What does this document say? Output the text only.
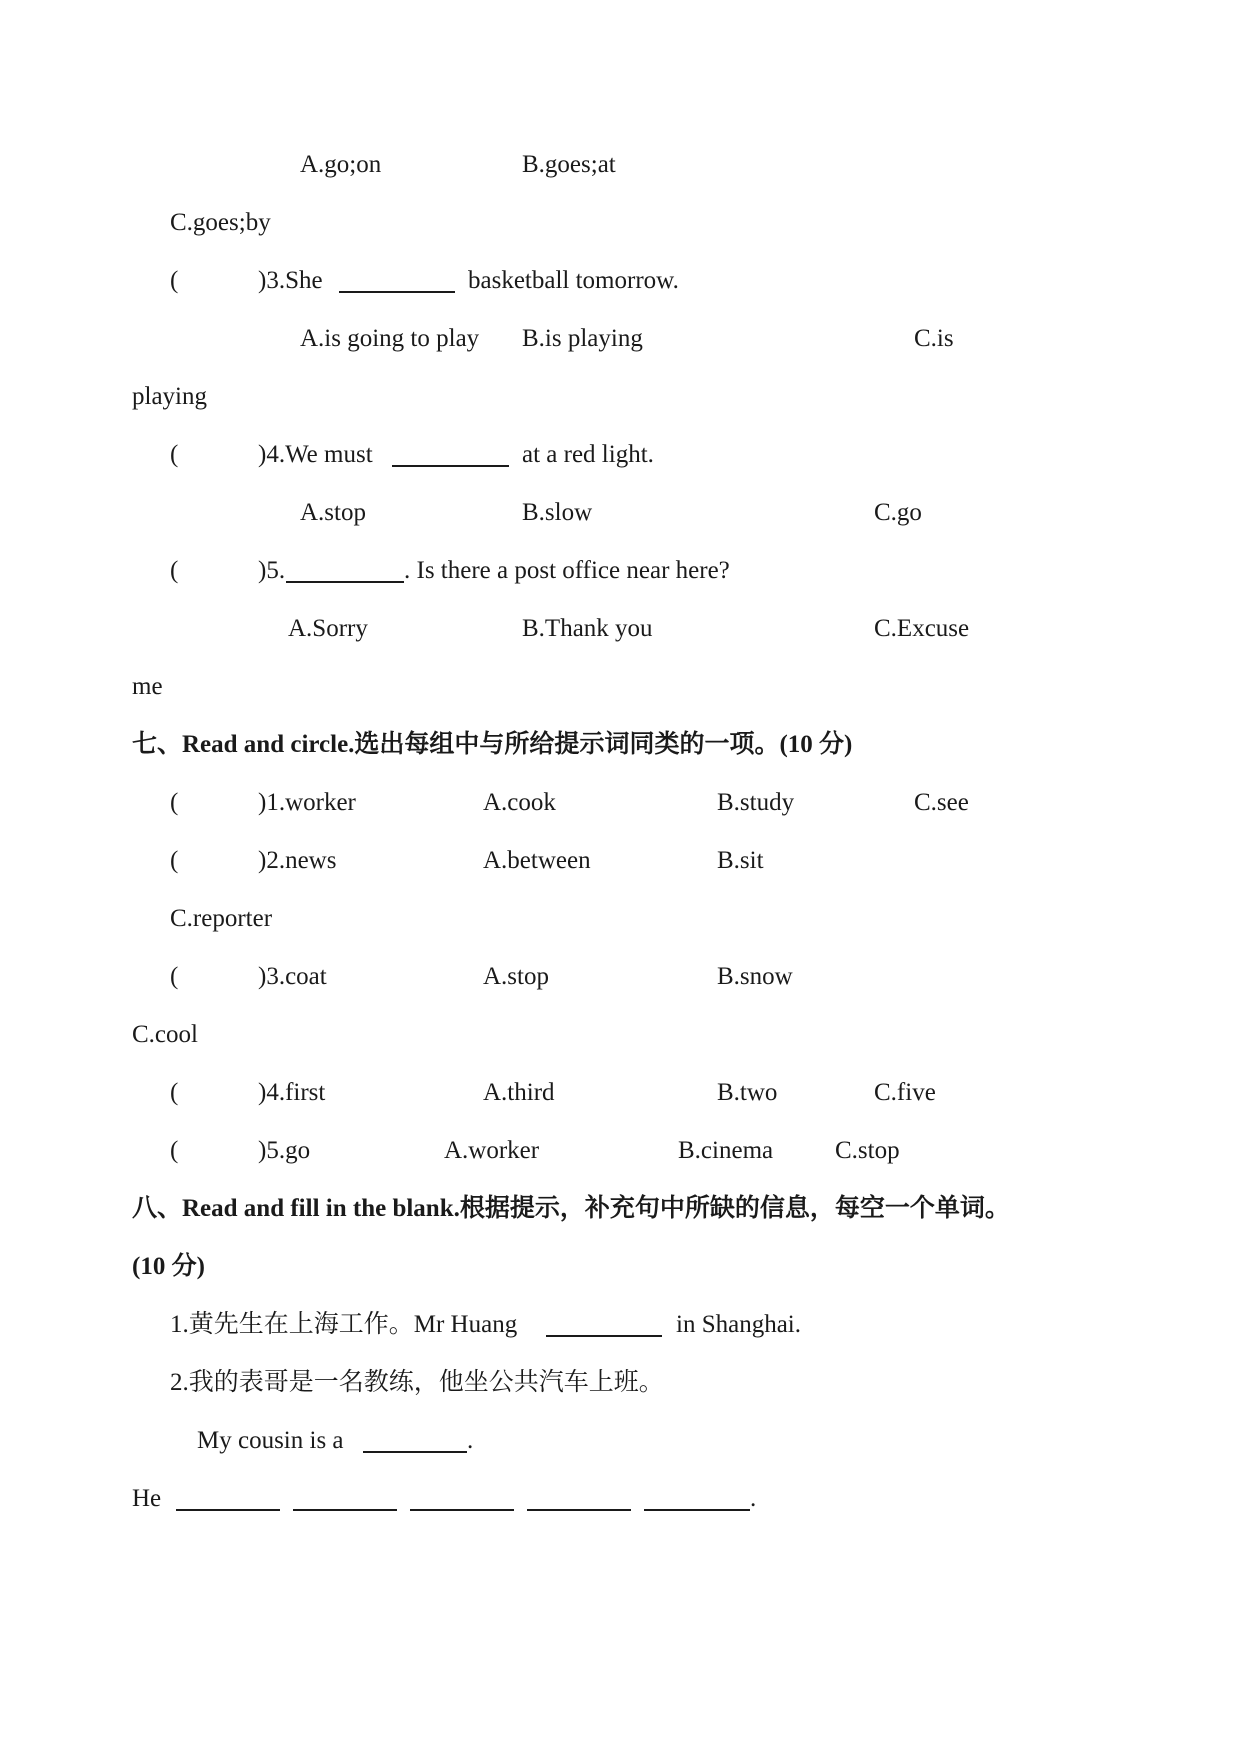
A.go;on	B.goes;at
C.goes;by
(	)3.She	basketball tomorrow.
A.is going to play B.is playing	C.is
playing
(	)4.We must	at a red light.
A.stop	B.slow	C.go
(	)5.	. Is there a post office near here?
A.Sorry	B.Thank you	C.Excuse
me
七、Read and circle.选出每组中与所给提示词同类的一项。(10 分)
(	)1.worker	A.cook	B.study	C.see
(	)2.news	A.between	B.sit
C.reporter
(	)3.coat	A.stop	B.snow
C.cool
(	)4.first	A.third	B.two	C.five
(	)5.go	A.worker	B.cinema C.stop
八、Read and fill in the blank.根据提示，补充句中所缺的信息，每空一个单词。
(10 分)
1.黄先生在上海工作。Mr Huang	in Shanghai.
2.我的表哥是一名教练，他坐公共汽车上班。
My cousin is a	.
He	.
